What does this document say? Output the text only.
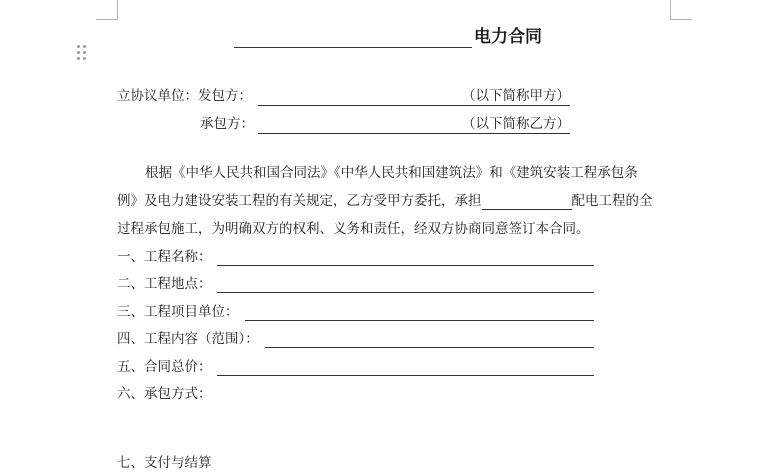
电力合同
立协议单位：发包方：	（以下简称甲方）
承包方：	（以下简称乙方）
根据《中华人民共和国合同法》《中华人民共和国建筑法》和《建筑安装工程承包条
例》及电力建设安装工程的有关规定，乙方受甲方委托，承担	配电工程的全
过程承包施工，为明确双方的权利、义务和责任，经双方协商同意签订本合同。
一、工程名称：
二、工程地点：
三、工程项目单位：
四、工程内容（范围）：
五、合同总价：
六、承包方式：
七、支付与结算
